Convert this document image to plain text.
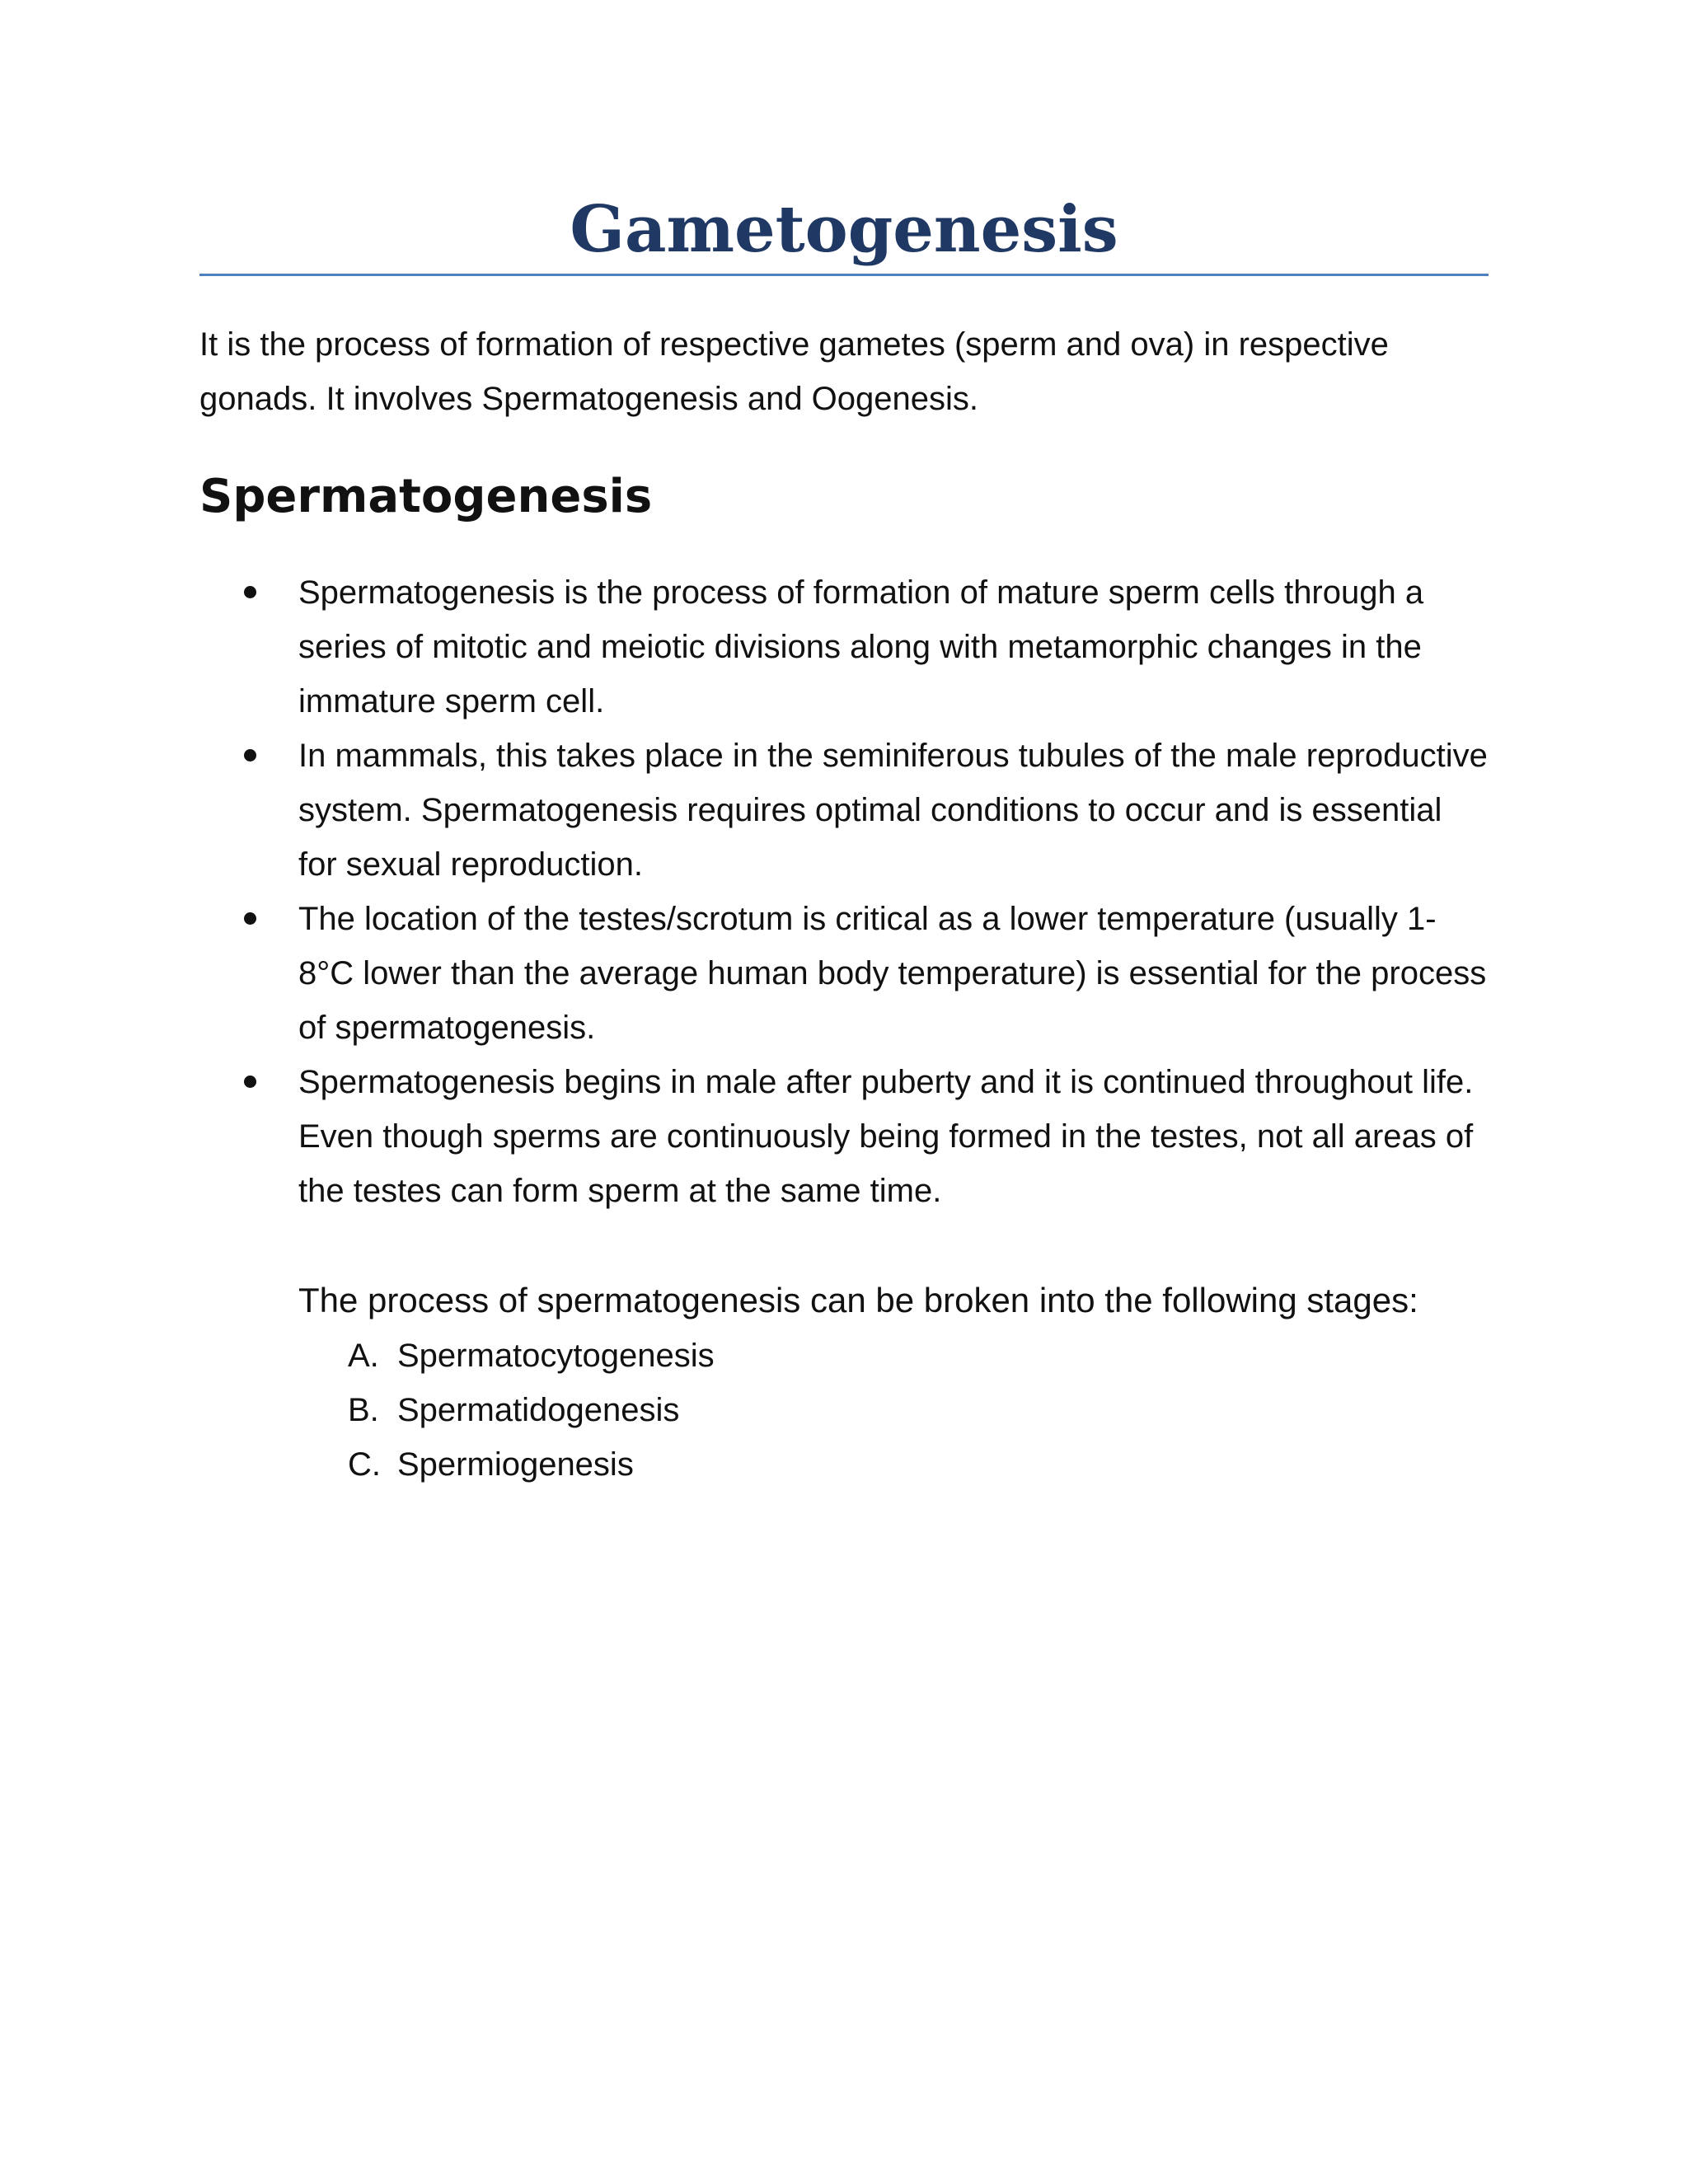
Gametogenesis

It is the process of formation of respective gametes (sperm and ova) in respective gonads. It involves Spermatogenesis and Oogenesis.

Spermatogenesis
Spermatogenesis is the process of formation of mature sperm cells through a series of mitotic and meiotic divisions along with metamorphic changes in the immature sperm cell.
In mammals, this takes place in the seminiferous tubules of the male reproductive system. Spermatogenesis requires optimal conditions to occur and is essential for sexual reproduction.
The location of the testes/scrotum is critical as a lower temperature (usually 1-8°C lower than the average human body temperature) is essential for the process of spermatogenesis.
Spermatogenesis begins in male after puberty and it is continued throughout life. Even though sperms are continuously being formed in the testes, not all areas of the testes can form sperm at the same time.

The process of spermatogenesis can be broken into the following stages:

A. Spermatocytogenesis
B. Spermatidogenesis
C. Spermiogenesis
